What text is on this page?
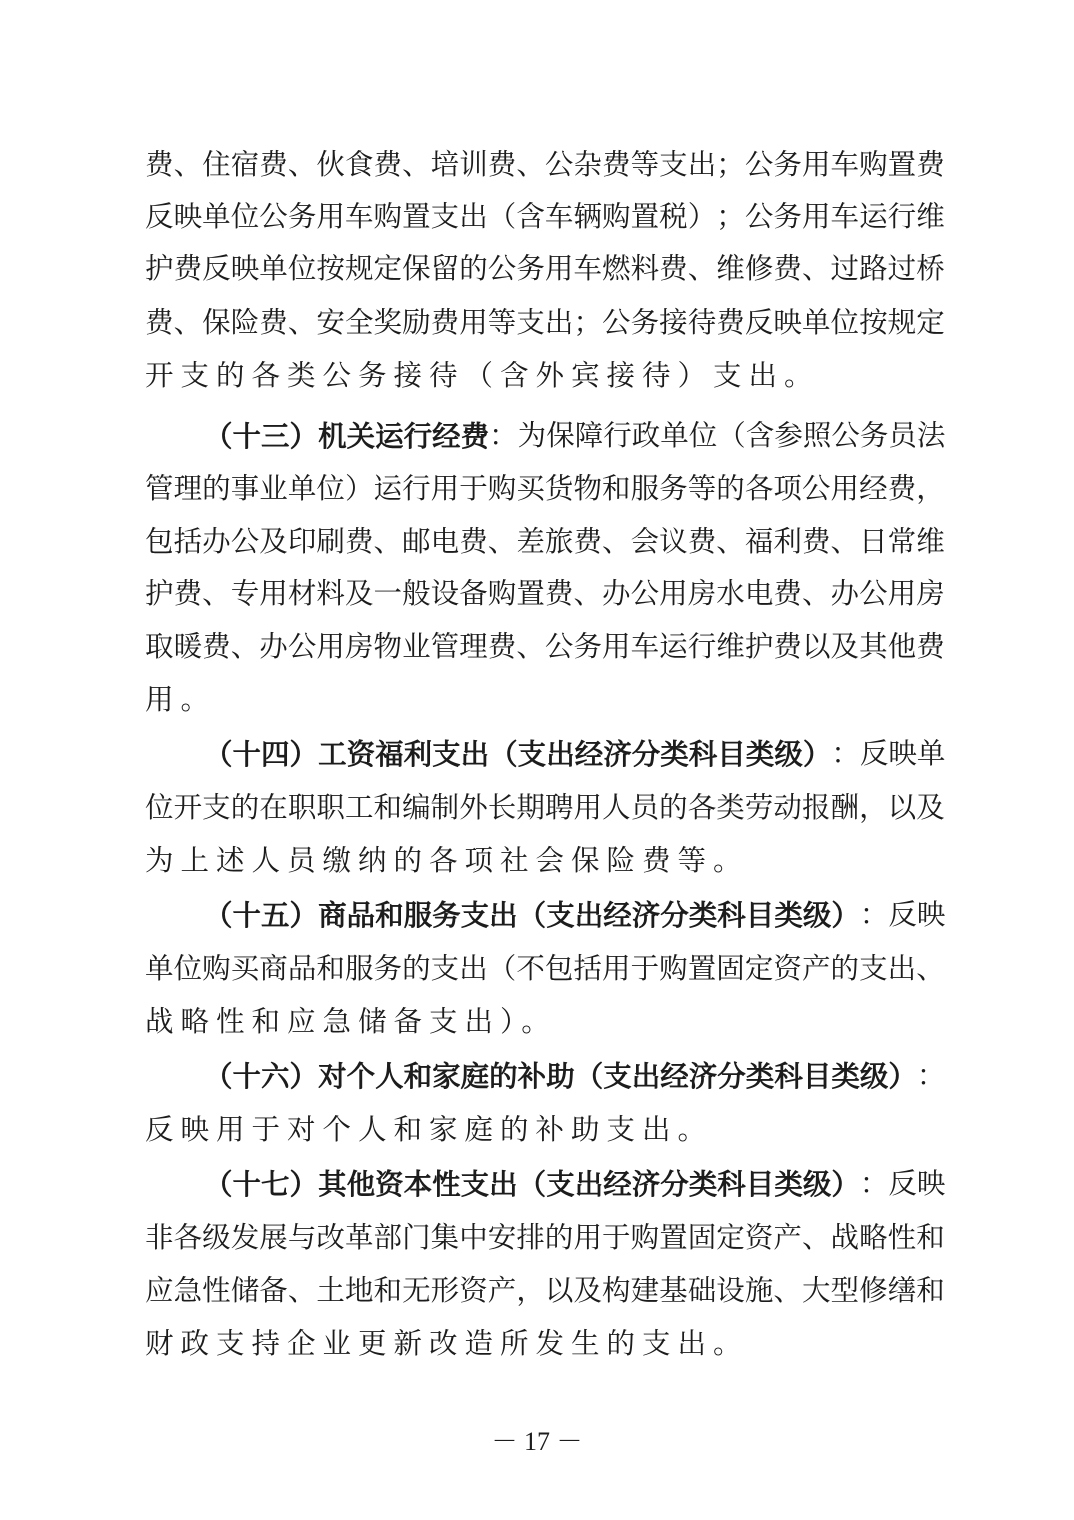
费 、 住 宿 费 、 伙 食 费 、 培 训 费 、 公 杂 费 等 支 出 ； 公 务 用 车 购 置 费
反 映 单 位 公 务 用 车 购 置 支 出 （ 含 车 辆 购 置 税 ） ； 公 务 用 车 运 行 维
护 费 反 映 单 位 按 规 定 保 留 的 公 务 用 车 燃 料 费 、 维 修 费 、 过 路 过 桥
费 、 保 险 费 、 安 全 奖 励 费 用 等 支 出 ； 公 务 接 待 费 反 映 单 位 按 规 定
开支的各类公务接待（含外宾接待）支出。
（ 十 三 ） 机 关 运 行 经 费 ： 为 保 障 行 政 单 位 （ 含 参 照 公 务 员 法
管 理 的 事 业 单 位 ） 运 行 用 于 购 买 货 物 和 服 务 等 的 各 项 公 用 经 费 ，
包 括 办 公 及 印 刷 费 、 邮 电 费 、 差 旅 费 、 会 议 费 、 福 利 费 、 日 常 维
护 费 、 专 用 材 料 及 一 般 设 备 购 置 费 、 办 公 用 房 水 电 费 、 办 公 用 房
取 暖 费 、 办 公 用 房 物 业 管 理 费 、 公 务 用 车 运 行 维 护 费 以 及 其 他 费
用。
（ 十 四 ） 工 资 福 利 支 出 （ 支 出 经 济 分 类 科 目 类 级 ） ： 反 映 单
位 开 支 的 在 职 职 工 和 编 制 外 长 期 聘 用 人 员 的 各 类 劳 动 报 酬 ， 以 及
为上述人员缴纳的各项社会保险费等。
（ 十 五 ） 商 品 和 服 务 支 出 （ 支 出 经 济 分 类 科 目 类 级 ） ： 反 映
单 位 购 买 商 品 和 服 务 的 支 出 （ 不 包 括 用 于 购 置 固 定 资 产 的 支 出 、
战略性和应急储备支出）。
（ 十 六 ） 对 个 人 和 家 庭 的 补 助 （ 支 出 经 济 分 类 科 目 类 级 ） ：
反映用于对个人和家庭的补助支出。
（ 十 七 ） 其 他 资 本 性 支 出 （ 支 出 经 济 分 类 科 目 类 级 ） ： 反 映
非 各 级 发 展 与 改 革 部 门 集 中 安 排 的 用 于 购 置 固 定 资 产 、 战 略 性 和
应 急 性 储 备 、 土 地 和 无 形 资 产 ， 以 及 构 建 基 础 设 施 、 大 型 修 缮 和
财政支持企业更新改造所发生的支出。
－ 17 －
